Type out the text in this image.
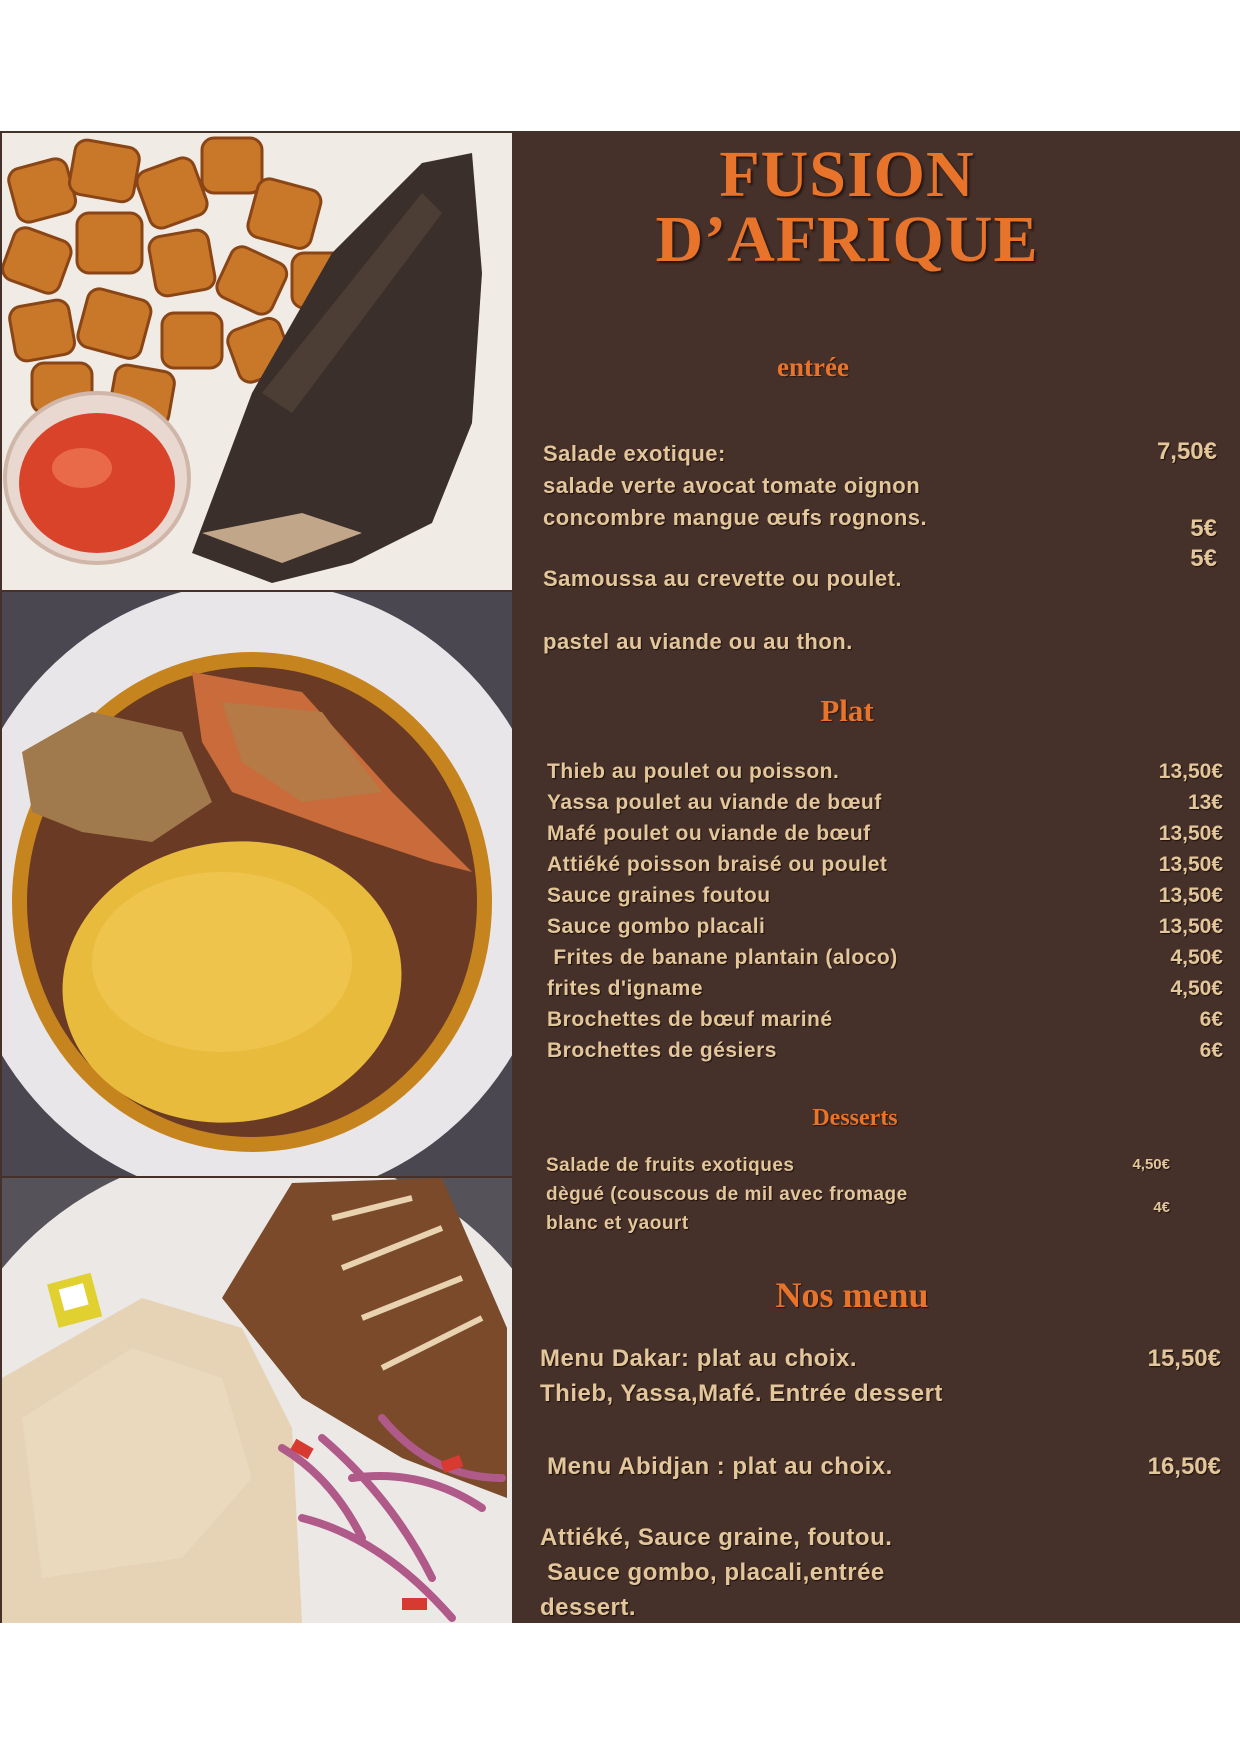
FUSION
D’AFRIQUE
entrée
Salade exotique:
salade verte avocat tomate oignon
concombre mangue œufs rognons.
Samoussa au crevette ou poulet.
pastel au viande ou au thon.
7,50€
5€
5€
Plat
Thieb au poulet ou poisson.
Yassa poulet au viande de bœuf
Mafé poulet ou viande de bœuf
Attiéké poisson braisé ou poulet
Sauce graines foutou
Sauce gombo placali
Frites de banane plantain (aloco)
frites d'igname
Brochettes de bœuf mariné
Brochettes de gésiers
13,50€
13€
13,50€
13,50€
13,50€
13,50€
4,50€
4,50€
6€
6€
Desserts
Salade de fruits exotiques
dègué (couscous de mil avec fromage
blanc et yaourt
4,50€
4€
Nos menu
Menu Dakar: plat au choix.
Thieb, Yassa,Mafé. Entrée dessert
15,50€
Menu Abidjan : plat au choix.	16,50€
Attiéké, Sauce graine, foutou.
Sauce gombo, placali,entrée
dessert.
